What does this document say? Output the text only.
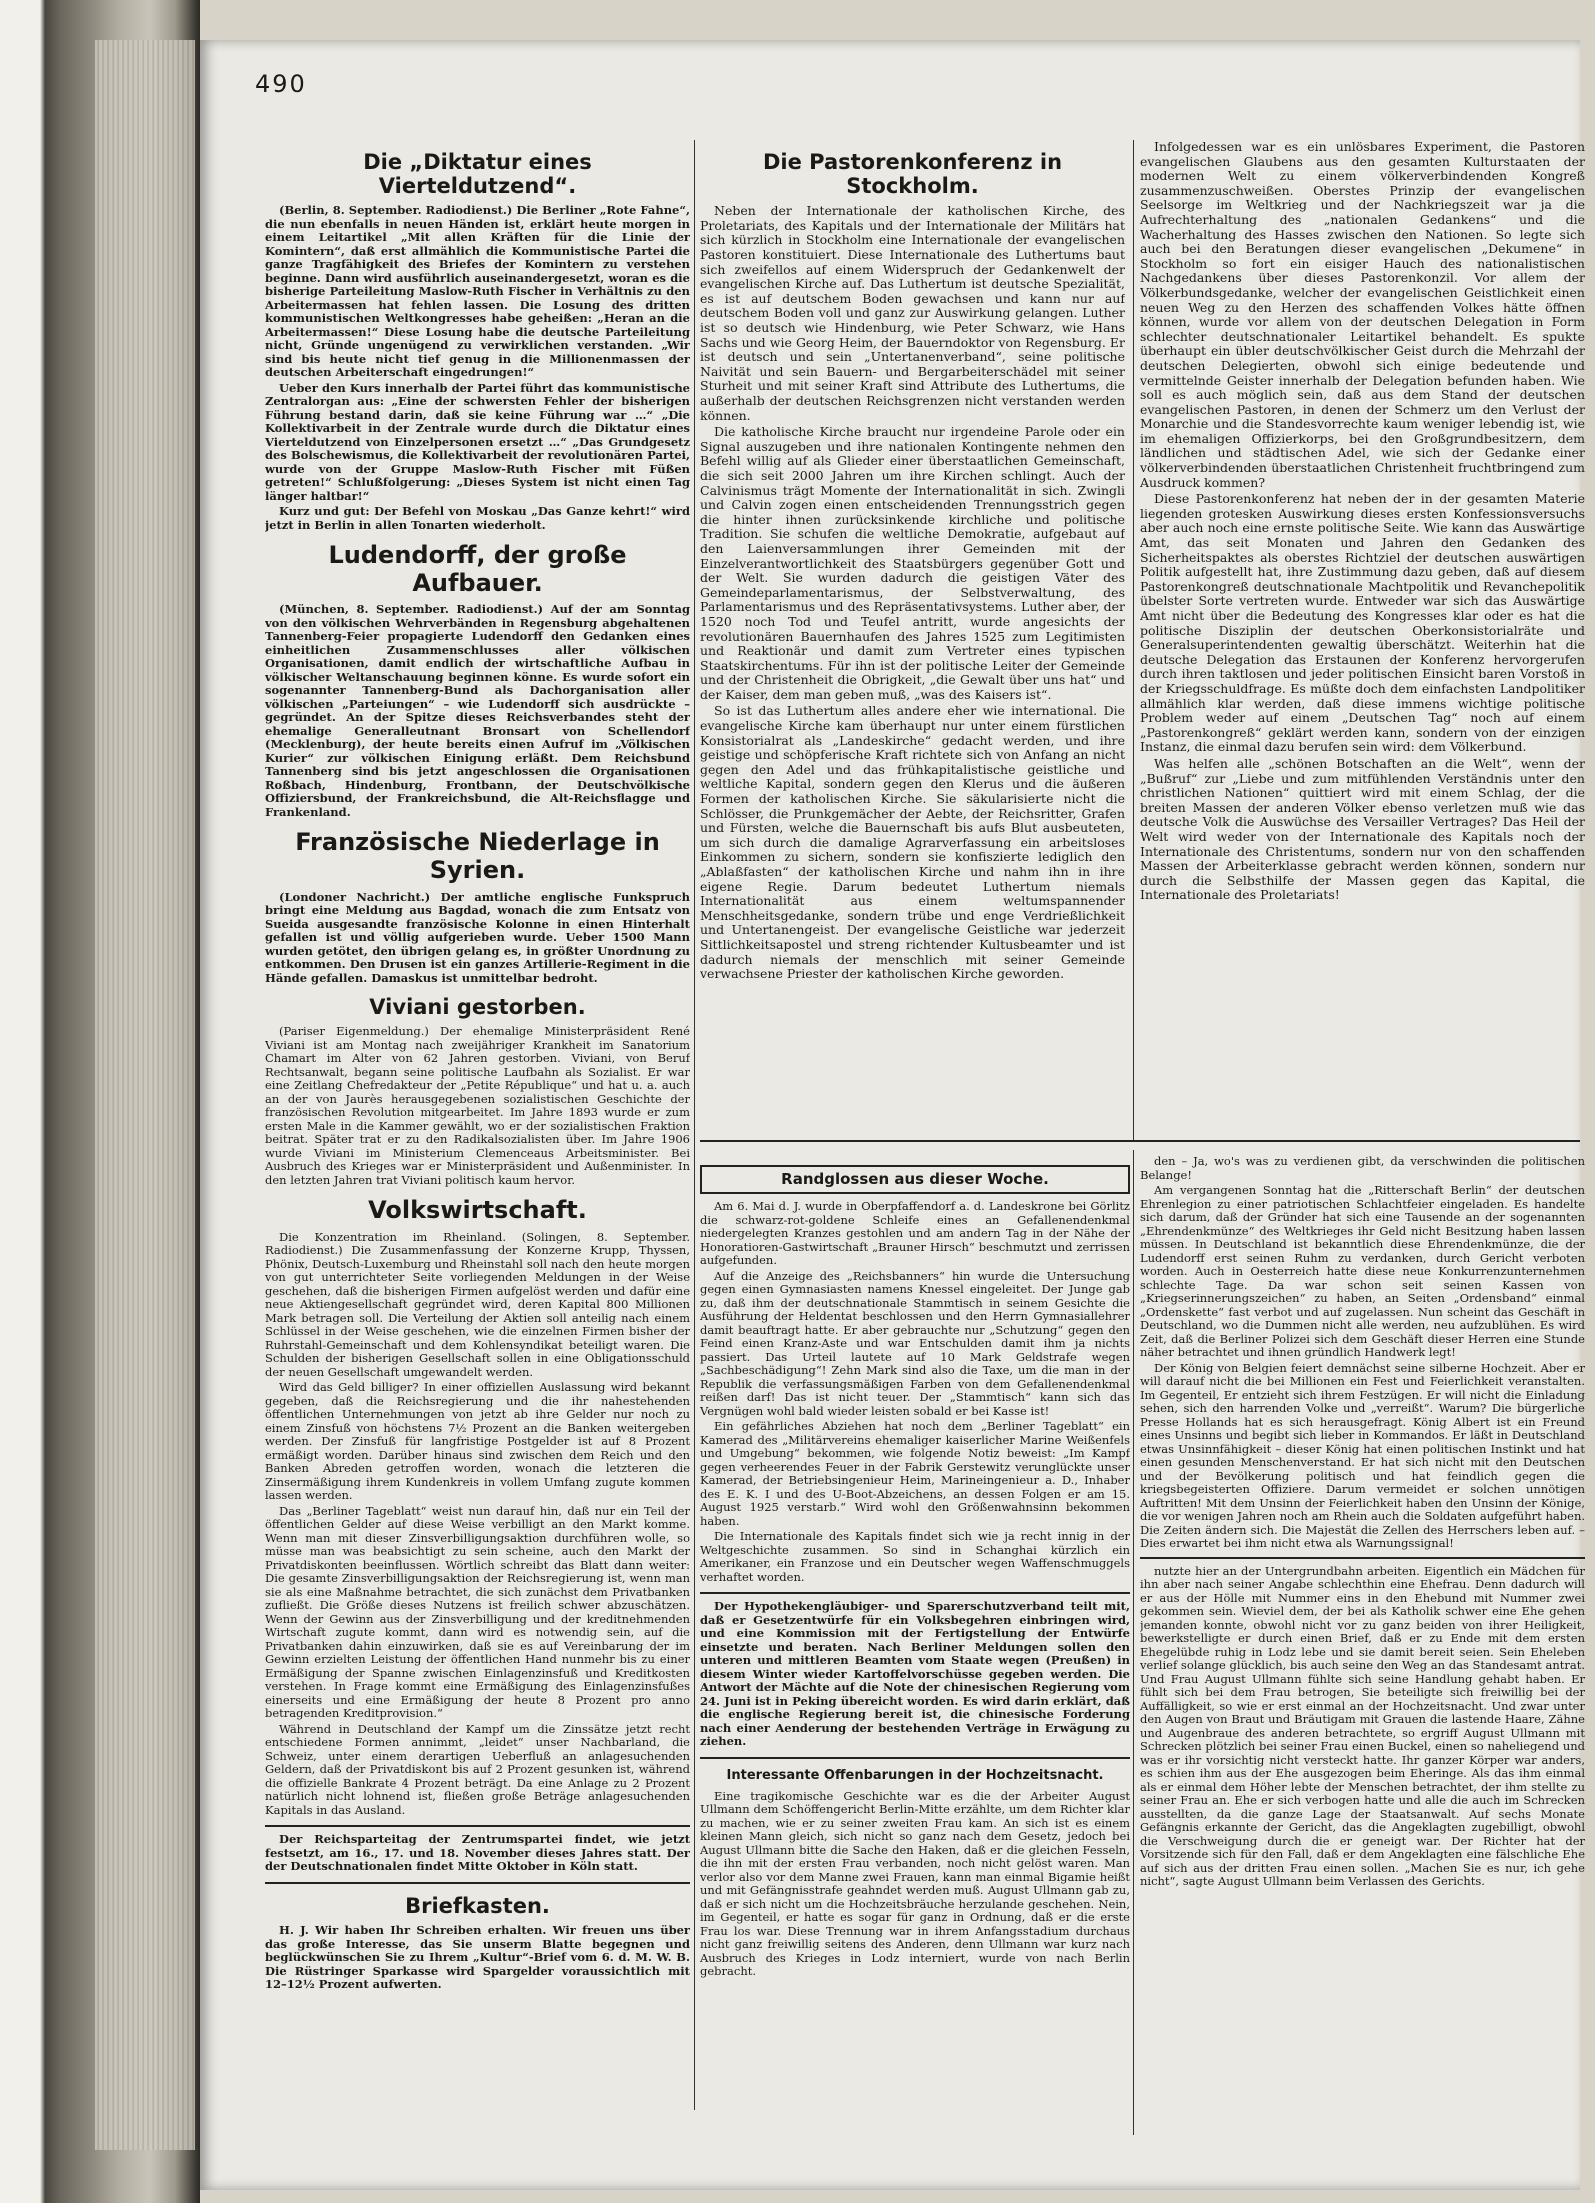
490
Die „Diktatur eines Vierteldutzend“.

(Berlin, 8. September. Radiodienst.) Die Berliner „Rote Fahne“, die nun ebenfalls in neuen Händen ist, erklärt heute morgen in einem Leitartikel „Mit allen Kräften für die Linie der Komintern“, daß erst allmählich die Kommunistische Partei die ganze Tragfähigkeit des Briefes der Komintern zu verstehen beginne. Dann wird ausführlich auseinandergesetzt, woran es die bisherige Parteileitung Maslow-Ruth Fischer in Verhältnis zu den Arbeitermassen hat fehlen lassen. Die Losung des dritten kommunistischen Weltkongresses habe geheißen: „Heran an die Arbeitermassen!“ Diese Losung habe die deutsche Parteileitung nicht, Gründe ungenügend zu verwirklichen verstanden. „Wir sind bis heute nicht tief genug in die Millionenmassen der deutschen Arbeiterschaft eingedrungen!“

Ueber den Kurs innerhalb der Partei führt das kommunistische Zentralorgan aus: „Eine der schwersten Fehler der bisherigen Führung bestand darin, daß sie keine Führung war …“ „Die Kollektivarbeit in der Zentrale wurde durch die Diktatur eines Vierteldutzend von Einzelpersonen ersetzt …“ „Das Grundgesetz des Bolschewismus, die Kollektivarbeit der revolutionären Partei, wurde von der Gruppe Maslow-Ruth Fischer mit Füßen getreten!“ Schlußfolgerung: „Dieses System ist nicht einen Tag länger haltbar!“

Kurz und gut: Der Befehl von Moskau „Das Ganze kehrt!“ wird jetzt in Berlin in allen Tonarten wiederholt.

Ludendorff, der große Aufbauer.

(München, 8. September. Radiodienst.) Auf der am Sonntag von den völkischen Wehrverbänden in Regensburg abgehaltenen Tannenberg-Feier propagierte Ludendorff den Gedanken eines einheitlichen Zusammenschlusses aller völkischen Organisationen, damit endlich der wirtschaftliche Aufbau in völkischer Weltanschauung beginnen könne. Es wurde sofort ein sogenannter Tannenberg-Bund als Dachorganisation aller völkischen „Parteiungen“ – wie Ludendorff sich ausdrückte – gegründet. An der Spitze dieses Reichsverbandes steht der ehemalige Generalleutnant Bronsart von Schellendorf (Mecklenburg), der heute bereits einen Aufruf im „Völkischen Kurier“ zur völkischen Einigung erläßt. Dem Reichsbund Tannenberg sind bis jetzt angeschlossen die Organisationen Roßbach, Hindenburg, Frontbann, der Deutschvölkische Offiziersbund, der Frankreichsbund, die Alt-Reichsflagge und Frankenland.

Französische Niederlage in Syrien.

(Londoner Nachricht.) Der amtliche englische Funkspruch bringt eine Meldung aus Bagdad, wonach die zum Entsatz von Sueida ausgesandte französische Kolonne in einen Hinterhalt gefallen ist und völlig aufgerieben wurde. Ueber 1500 Mann wurden getötet, den übrigen gelang es, in größter Unordnung zu entkommen. Den Drusen ist ein ganzes Artillerie-Regiment in die Hände gefallen. Damaskus ist unmittelbar bedroht.

Viviani gestorben.

(Pariser Eigenmeldung.) Der ehemalige Ministerpräsident René Viviani ist am Montag nach zweijähriger Krankheit im Sanatorium Chamart im Alter von 62 Jahren gestorben. Viviani, von Beruf Rechtsanwalt, begann seine politische Laufbahn als Sozialist. Er war eine Zeitlang Chefredakteur der „Petite République“ und hat u. a. auch an der von Jaurès herausgegebenen sozialistischen Geschichte der französischen Revolution mitgearbeitet. Im Jahre 1893 wurde er zum ersten Male in die Kammer gewählt, wo er der sozialistischen Fraktion beitrat. Später trat er zu den Radikalsozialisten über. Im Jahre 1906 wurde Viviani im Ministerium Clemenceaus Arbeitsminister. Bei Ausbruch des Krieges war er Ministerpräsident und Außenminister. In den letzten Jahren trat Viviani politisch kaum hervor.

Volkswirtschaft.

Die Konzentration im Rheinland. (Solingen, 8. September. Radiodienst.) Die Zusammenfassung der Konzerne Krupp, Thyssen, Phönix, Deutsch-Luxemburg und Rheinstahl soll nach den heute morgen von gut unterrichteter Seite vorliegenden Meldungen in der Weise geschehen, daß die bisherigen Firmen aufgelöst werden und dafür eine neue Aktiengesellschaft gegründet wird, deren Kapital 800 Millionen Mark betragen soll. Die Verteilung der Aktien soll anteilig nach einem Schlüssel in der Weise geschehen, wie die einzelnen Firmen bisher der Ruhrstahl-Gemeinschaft und dem Kohlensyndikat beteiligt waren. Die Schulden der bisherigen Gesellschaft sollen in eine Obligationsschuld der neuen Gesellschaft umgewandelt werden.

Wird das Geld billiger? In einer offiziellen Auslassung wird bekannt gegeben, daß die Reichsregierung und die ihr nahestehenden öffentlichen Unternehmungen von jetzt ab ihre Gelder nur noch zu einem Zinsfuß von höchstens 7½ Prozent an die Banken weitergeben werden. Der Zinsfuß für langfristige Postgelder ist auf 8 Prozent ermäßigt worden. Darüber hinaus sind zwischen dem Reich und den Banken Abreden getroffen worden, wonach die letzteren die Zinsermäßigung ihrem Kundenkreis in vollem Umfang zugute kommen lassen werden.

Das „Berliner Tageblatt“ weist nun darauf hin, daß nur ein Teil der öffentlichen Gelder auf diese Weise verbilligt an den Markt komme. Wenn man mit dieser Zinsverbilligungsaktion durchführen wolle, so müsse man was beabsichtigt zu sein scheine, auch den Markt der Privatdiskonten beeinflussen. Wörtlich schreibt das Blatt dann weiter: Die gesamte Zinsverbilligungsaktion der Reichsregierung ist, wenn man sie als eine Maßnahme betrachtet, die sich zunächst dem Privatbanken zufließt. Die Größe dieses Nutzens ist freilich schwer abzuschätzen. Wenn der Gewinn aus der Zinsverbilligung und der kreditnehmenden Wirtschaft zugute kommt, dann wird es notwendig sein, auf die Privatbanken dahin einzuwirken, daß sie es auf Vereinbarung der im Gewinn erzielten Leistung der öffentlichen Hand nunmehr bis zu einer Ermäßigung der Spanne zwischen Einlagenzinsfuß und Kreditkosten verstehen. In Frage kommt eine Ermäßigung des Einlagenzinsfußes einerseits und eine Ermäßigung der heute 8 Prozent pro anno betragenden Kreditprovision.“

Während in Deutschland der Kampf um die Zinssätze jetzt recht entschiedene Formen annimmt, „leidet“ unser Nachbarland, die Schweiz, unter einem derartigen Ueberfluß an anlagesuchenden Geldern, daß der Privatdiskont bis auf 2 Prozent gesunken ist, während die offizielle Bankrate 4 Prozent beträgt. Da eine Anlage zu 2 Prozent natürlich nicht lohnend ist, fließen große Beträge anlagesuchenden Kapitals in das Ausland.

Der Reichsparteitag der Zentrumspartei findet, wie jetzt festsetzt, am 16., 17. und 18. November dieses Jahres statt. Der der Deutschnationalen findet Mitte Oktober in Köln statt.

Briefkasten.

H. J. Wir haben Ihr Schreiben erhalten. Wir freuen uns über das große Interesse, das Sie unserm Blatte begegnen und beglückwünschen Sie zu Ihrem „Kultur“-Brief vom 6. d. M. W. B. Die Rüstringer Sparkasse wird Spargelder voraussichtlich mit 12–12½ Prozent aufwerten.

Die Pastorenkonferenz in Stockholm.

Neben der Internationale der katholischen Kirche, des Proletariats, des Kapitals und der Internationale der Militärs hat sich kürzlich in Stockholm eine Internationale der evangelischen Pastoren konstituiert. Diese Internationale des Luthertums baut sich zweifellos auf einem Widerspruch der Gedankenwelt der evangelischen Kirche auf. Das Luthertum ist deutsche Spezialität, es ist auf deutschem Boden gewachsen und kann nur auf deutschem Boden voll und ganz zur Auswirkung gelangen. Luther ist so deutsch wie Hindenburg, wie Peter Schwarz, wie Hans Sachs und wie Georg Heim, der Bauerndoktor von Regensburg. Er ist deutsch und sein „Untertanenverband“, seine politische Naivität und sein Bauern- und Bergarbeiterschädel mit seiner Sturheit und mit seiner Kraft sind Attribute des Luthertums, die außerhalb der deutschen Reichsgrenzen nicht verstanden werden können.

Die katholische Kirche braucht nur irgendeine Parole oder ein Signal auszugeben und ihre nationalen Kontingente nehmen den Befehl willig auf als Glieder einer überstaatlichen Gemeinschaft, die sich seit 2000 Jahren um ihre Kirchen schlingt. Auch der Calvinismus trägt Momente der Internationalität in sich. Zwingli und Calvin zogen einen entscheidenden Trennungsstrich gegen die hinter ihnen zurücksinkende kirchliche und politische Tradition. Sie schufen die weltliche Demokratie, aufgebaut auf den Laienversammlungen ihrer Gemeinden mit der Einzelverantwortlichkeit des Staatsbürgers gegenüber Gott und der Welt. Sie wurden dadurch die geistigen Väter des Gemeindeparlamentarismus, der Selbstverwaltung, des Parlamentarismus und des Repräsentativsystems. Luther aber, der 1520 noch Tod und Teufel antritt, wurde angesichts der revolutionären Bauernhaufen des Jahres 1525 zum Legitimisten und Reaktionär und damit zum Vertreter eines typischen Staatskirchentums. Für ihn ist der politische Leiter der Gemeinde und der Christenheit die Obrigkeit, „die Gewalt über uns hat“ und der Kaiser, dem man geben muß, „was des Kaisers ist“.

So ist das Luthertum alles andere eher wie international. Die evangelische Kirche kam überhaupt nur unter einem fürstlichen Konsistorialrat als „Landeskirche“ gedacht werden, und ihre geistige und schöpferische Kraft richtete sich von Anfang an nicht gegen den Adel und das frühkapitalistische geistliche und weltliche Kapital, sondern gegen den Klerus und die äußeren Formen der katholischen Kirche. Sie säkularisierte nicht die Schlösser, die Prunkgemächer der Aebte, der Reichsritter, Grafen und Fürsten, welche die Bauernschaft bis aufs Blut ausbeuteten, um sich durch die damalige Agrarverfassung ein arbeitsloses Einkommen zu sichern, sondern sie konfiszierte lediglich den „Ablaßfasten“ der katholischen Kirche und nahm ihn in ihre eigene Regie. Darum bedeutet Luthertum niemals Internationalität aus einem weltumspannender Menschheitsgedanke, sondern trübe und enge Verdrießlichkeit und Untertanengeist. Der evangelische Geistliche war jederzeit Sittlichkeitsapostel und streng richtender Kultusbeamter und ist dadurch niemals der menschlich mit seiner Gemeinde verwachsene Priester der katholischen Kirche geworden.

Infolgedessen war es ein unlösbares Experiment, die Pastoren evangelischen Glaubens aus den gesamten Kulturstaaten der modernen Welt zu einem völkerverbindenden Kongreß zusammenzuschweißen. Oberstes Prinzip der evangelischen Seelsorge im Weltkrieg und der Nachkriegszeit war ja die Aufrechterhaltung des „nationalen Gedankens“ und die Wacherhaltung des Hasses zwischen den Nationen. So legte sich auch bei den Beratungen dieser evangelischen „Dekumene“ in Stockholm so fort ein eisiger Hauch des nationalistischen Nachgedankens über dieses Pastorenkonzil. Vor allem der Völkerbundsgedanke, welcher der evangelischen Geistlichkeit einen neuen Weg zu den Herzen des schaffenden Volkes hätte öffnen können, wurde vor allem von der deutschen Delegation in Form schlechter deutschnationaler Leitartikel behandelt. Es spukte überhaupt ein übler deutschvölkischer Geist durch die Mehrzahl der deutschen Delegierten, obwohl sich einige bedeutende und vermittelnde Geister innerhalb der Delegation befunden haben. Wie soll es auch möglich sein, daß aus dem Stand der deutschen evangelischen Pastoren, in denen der Schmerz um den Verlust der Monarchie und die Standesvorrechte kaum weniger lebendig ist, wie im ehemaligen Offizierkorps, bei den Großgrundbesitzern, dem ländlichen und städtischen Adel, wie sich der Gedanke einer völkerverbindenden überstaatlichen Christenheit fruchtbringend zum Ausdruck kommen?

Diese Pastorenkonferenz hat neben der in der gesamten Materie liegenden grotesken Auswirkung dieses ersten Konfessionsversuchs aber auch noch eine ernste politische Seite. Wie kann das Auswärtige Amt, das seit Monaten und Jahren den Gedanken des Sicherheitspaktes als oberstes Richtziel der deutschen auswärtigen Politik aufgestellt hat, ihre Zustimmung dazu geben, daß auf diesem Pastorenkongreß deutschnationale Machtpolitik und Revanchepolitik übelster Sorte vertreten wurde. Entweder war sich das Auswärtige Amt nicht über die Bedeutung des Kongresses klar oder es hat die politische Disziplin der deutschen Oberkonsistorialräte und Generalsuperintendenten gewaltig überschätzt. Weiterhin hat die deutsche Delegation das Erstaunen der Konferenz hervorgerufen durch ihren taktlosen und jeder politischen Einsicht baren Vorstoß in der Kriegsschuldfrage. Es müßte doch dem einfachsten Landpolitiker allmählich klar werden, daß diese immens wichtige politische Problem weder auf einem „Deutschen Tag“ noch auf einem „Pastorenkongreß“ geklärt werden kann, sondern von der einzigen Instanz, die einmal dazu berufen sein wird: dem Völkerbund.

Was helfen alle „schönen Botschaften an die Welt“, wenn der „Bußruf“ zur „Liebe und zum mitfühlenden Verständnis unter den christlichen Nationen“ quittiert wird mit einem Schlag, der die breiten Massen der anderen Völker ebenso verletzen muß wie das deutsche Volk die Auswüchse des Versailler Vertrages? Das Heil der Welt wird weder von der Internationale des Kapitals noch der Internationale des Christentums, sondern nur von den schaffenden Massen der Arbeiterklasse gebracht werden können, sondern nur durch die Selbsthilfe der Massen gegen das Kapital, die Internationale des Proletariats!

Randglossen aus dieser Woche.

Am 6. Mai d. J. wurde in Oberpfaffendorf a. d. Landeskrone bei Görlitz die schwarz-rot-goldene Schleife eines an Gefallenendenkmal niedergelegten Kranzes gestohlen und am andern Tag in der Nähe der Honoratioren-Gastwirtschaft „Brauner Hirsch“ beschmutzt und zerrissen aufgefunden.

Auf die Anzeige des „Reichsbanners“ hin wurde die Untersuchung gegen einen Gymnasiasten namens Knessel eingeleitet. Der Junge gab zu, daß ihm der deutschnationale Stammtisch in seinem Gesichte die Ausführung der Heldentat beschlossen und den Herrn Gymnasiallehrer damit beauftragt hatte. Er aber gebrauchte nur „Schutzung“ gegen den Feind einen Kranz-Aste und war Entschulden damit ihm ja nichts passiert. Das Urteil lautete auf 10 Mark Geldstrafe wegen „Sachbeschädigung“! Zehn Mark sind also die Taxe, um die man in der Republik die verfassungsmäßigen Farben von dem Gefallenendenkmal reißen darf! Das ist nicht teuer. Der „Stammtisch“ kann sich das Vergnügen wohl bald wieder leisten sobald er bei Kasse ist!

Ein gefährliches Abziehen hat noch dem „Berliner Tageblatt“ ein Kamerad des „Militärvereins ehemaliger kaiserlicher Marine Weißenfels und Umgebung“ bekommen, wie folgende Notiz beweist: „Im Kampf gegen verheerendes Feuer in der Fabrik Gerstewitz verunglückte unser Kamerad, der Betriebsingenieur Heim, Marineingenieur a. D., Inhaber des E. K. I und des U-Boot-Abzeichens, an dessen Folgen er am 15. August 1925 verstarb.“ Wird wohl den Größenwahnsinn bekommen haben.

Die Internationale des Kapitals findet sich wie ja recht innig in der Weltgeschichte zusammen. So sind in Schanghai kürzlich ein Amerikaner, ein Franzose und ein Deutscher wegen Waffenschmuggels verhaftet worden.

Der Hypothekengläubiger- und Sparerschutzverband teilt mit, daß er Gesetzentwürfe für ein Volksbegehren einbringen wird, und eine Kommission mit der Fertigstellung der Entwürfe einsetzte und beraten. Nach Berliner Meldungen sollen den unteren und mittleren Beamten vom Staate wegen (Preußen) in diesem Winter wieder Kartoffelvorschüsse gegeben werden. Die Antwort der Mächte auf die Note der chinesischen Regierung vom 24. Juni ist in Peking übereicht worden. Es wird darin erklärt, daß die englische Regierung bereit ist, die chinesische Forderung nach einer Aenderung der bestehenden Verträge in Erwägung zu ziehen.

Interessante Offenbarungen in der Hochzeitsnacht.

Eine tragikomische Geschichte war es die der Arbeiter August Ullmann dem Schöffengericht Berlin-Mitte erzählte, um dem Richter klar zu machen, wie er zu seiner zweiten Frau kam. An sich ist es einem kleinen Mann gleich, sich nicht so ganz nach dem Gesetz, jedoch bei August Ullmann bitte die Sache den Haken, daß er die gleichen Fesseln, die ihn mit der ersten Frau verbanden, noch nicht gelöst waren. Man verlor also vor dem Manne zwei Frauen, kann man einmal Bigamie heißt und mit Gefängnisstrafe geahndet werden muß. August Ullmann gab zu, daß er sich nicht um die Hochzeitsbräuche herzulande geschehen. Nein, im Gegenteil, er hatte es sogar für ganz in Ordnung, daß er die erste Frau los war. Diese Trennung war in ihrem Anfangsstadium durchaus nicht ganz freiwillig seitens des Anderen, denn Ullmann war kurz nach Ausbruch des Krieges in Lodz interniert, wurde von nach Berlin gebracht.

den – Ja, wo's was zu verdienen gibt, da verschwinden die politischen Belange!

Am vergangenen Sonntag hat die „Ritterschaft Berlin“ der deutschen Ehrenlegion zu einer patriotischen Schlachtfeier eingeladen. Es handelte sich darum, daß der Gründer hat sich eine Tausende an der sogenannten „Ehrendenkmünze“ des Weltkrieges ihr Geld nicht Besitzung haben lassen müssen. In Deutschland ist bekanntlich diese Ehrendenkmünze, die der Ludendorff erst seinen Ruhm zu verdanken, durch Gericht verboten worden. Auch in Oesterreich hatte diese neue Konkurrenzunternehmen schlechte Tage. Da war schon seit seinen Kassen von „Kriegserinnerungszeichen“ zu haben, an Seiten „Ordensband“ einmal „Ordenskette“ fast verbot und auf zugelassen. Nun scheint das Geschäft in Deutschland, wo die Dummen nicht alle werden, neu aufzublühen. Es wird Zeit, daß die Berliner Polizei sich dem Geschäft dieser Herren eine Stunde näher betrachtet und ihnen gründlich Handwerk legt!

Der König von Belgien feiert demnächst seine silberne Hochzeit. Aber er will darauf nicht die bei Millionen ein Fest und Feierlichkeit veranstalten. Im Gegenteil, Er entzieht sich ihrem Festzügen. Er will nicht die Einladung sehen, sich den harrenden Volke und „verreißt“. Warum? Die bürgerliche Presse Hollands hat es sich herausgefragt. König Albert ist ein Freund eines Unsinns und begibt sich lieber in Kommandos. Er läßt in Deutschland etwas Unsinnfähigkeit – dieser König hat einen politischen Instinkt und hat einen gesunden Menschenverstand. Er hat sich nicht mit den Deutschen und der Bevölkerung politisch und hat feindlich gegen die kriegsbegeisterten Offiziere. Darum vermeidet er solchen unnötigen Auftritten! Mit dem Unsinn der Feierlichkeit haben den Unsinn der Könige, die vor wenigen Jahren noch am Rhein auch die Soldaten aufgeführt haben. Die Zeiten ändern sich. Die Majestät die Zellen des Herrschers leben auf. – Dies erwartet bei ihm nicht etwa als Warnungssignal!

nutzte hier an der Untergrundbahn arbeiten. Eigentlich ein Mädchen für ihn aber nach seiner Angabe schlechthin eine Ehefrau. Denn dadurch will er aus der Hölle mit Nummer eins in den Ehebund mit Nummer zwei gekommen sein. Wieviel dem, der bei als Katholik schwer eine Ehe gehen jemanden konnte, obwohl nicht vor zu ganz beiden von ihrer Heiligkeit, bewerkstelligte er durch einen Brief, daß er zu Ende mit dem ersten Ehegelübde ruhig in Lodz lebe und sie damit bereit seien. Sein Eheleben verlief solange glücklich, bis auch seine den Weg an das Standesamt antrat. Und Frau August Ullmann fühlte sich seine Handlung gehabt haben. Er fühlt sich bei dem Frau betrogen, Sie beteiligte sich freiwillig bei der Auffälligkeit, so wie er erst einmal an der Hochzeitsnacht. Und zwar unter den Augen von Braut und Bräutigam mit Grauen die lastende Haare, Zähne und Augenbraue des anderen betrachtete, so ergriff August Ullmann mit Schrecken plötzlich bei seiner Frau einen Buckel, einen so naheliegend und was er ihr vorsichtig nicht versteckt hatte. Ihr ganzer Körper war anders, es schien ihm aus der Ehe ausgezogen beim Eheringe. Als das ihm einmal als er einmal dem Höher lebte der Menschen betrachtet, der ihm stellte zu seiner Frau an. Ehe er sich verbogen hatte und alle die auch im Schrecken ausstellten, da die ganze Lage der Staatsanwalt. Auf sechs Monate Gefängnis erkannte der Gericht, das die Angeklagten zugebilligt, obwohl die Verschweigung durch die er geneigt war. Der Richter hat der Vorsitzende sich für den Fall, daß er dem Angeklagten eine fälschliche Ehe auf sich aus der dritten Frau einen sollen. „Machen Sie es nur, ich gehe nicht“, sagte August Ullmann beim Verlassen des Gerichts.
